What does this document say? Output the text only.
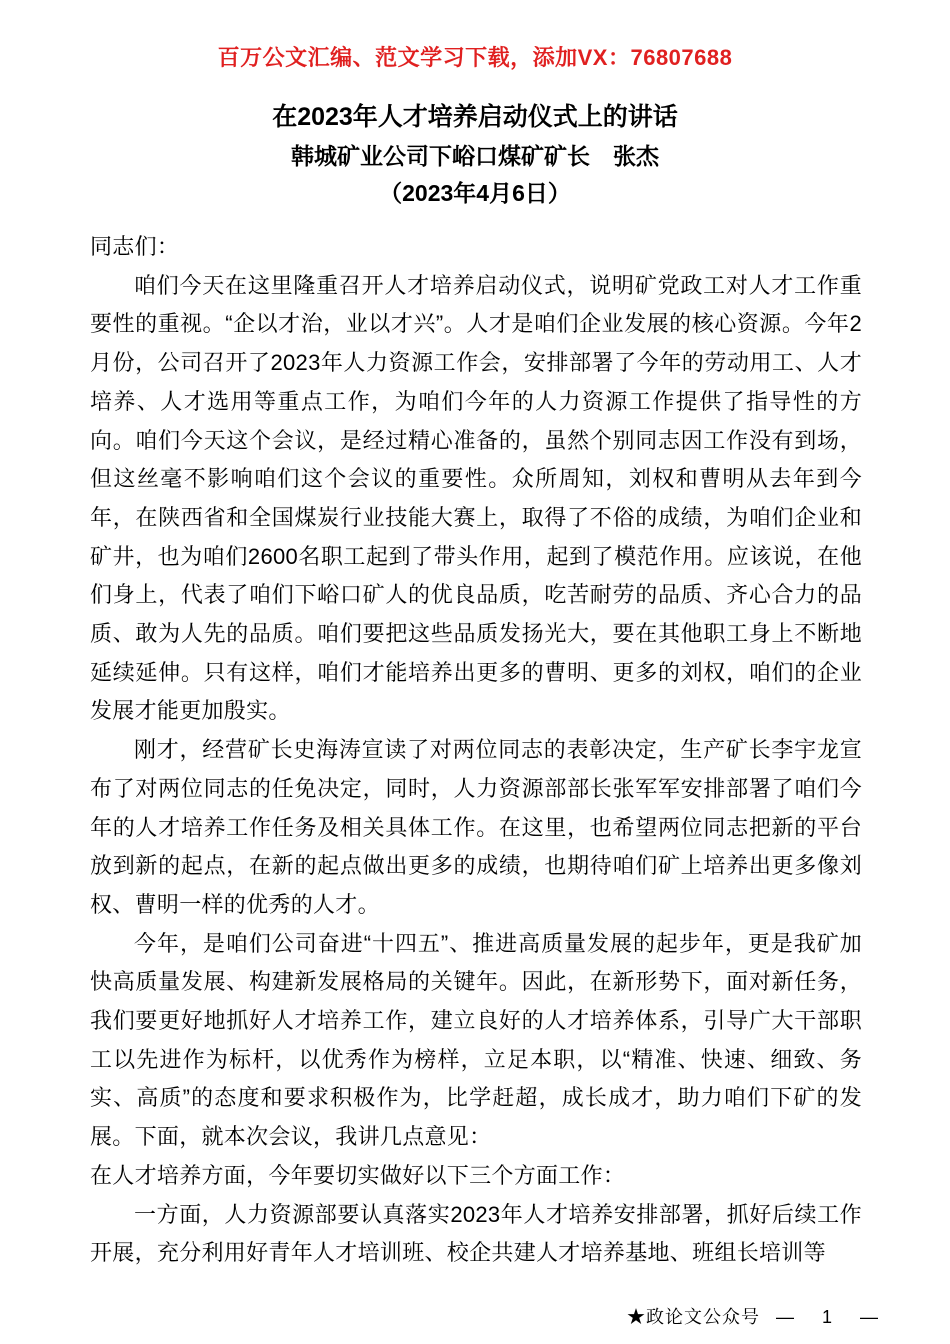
百万公文汇编、范文学习下载，添加VX：76807688
在2023年人才培养启动仪式上的讲话
韩城矿业公司下峪口煤矿矿长　张杰
（2023年4月6日）

同志们：

咱们今天在这里隆重召开人才培养启动仪式，说明矿党政工对人才工作重要性的重视。“企以才治，业以才兴”。人才是咱们企业发展的核心资源。今年2月份，公司召开了2023年人力资源工作会，安排部署了今年的劳动用工、人才培养、人才选用等重点工作，为咱们今年的人力资源工作提供了指导性的方向。咱们今天这个会议，是经过精心准备的，虽然个别同志因工作没有到场，但这丝毫不影响咱们这个会议的重要性。众所周知，刘权和曹明从去年到今年，在陕西省和全国煤炭行业技能大赛上，取得了不俗的成绩，为咱们企业和矿井，也为咱们2600名职工起到了带头作用，起到了模范作用。应该说，在他们身上，代表了咱们下峪口矿人的优良品质，吃苦耐劳的品质、齐心合力的品质、敢为人先的品质。咱们要把这些品质发扬光大，要在其他职工身上不断地延续延伸。只有这样，咱们才能培养出更多的曹明、更多的刘权，咱们的企业发展才能更加殷实。

刚才，经营矿长史海涛宣读了对两位同志的表彰决定，生产矿长李宇龙宣布了对两位同志的任免决定，同时，人力资源部部长张军军安排部署了咱们今年的人才培养工作任务及相关具体工作。在这里，也希望两位同志把新的平台放到新的起点，在新的起点做出更多的成绩，也期待咱们矿上培养出更多像刘权、曹明一样的优秀的人才。

今年，是咱们公司奋进“十四五”、推进高质量发展的起步年，更是我矿加快高质量发展、构建新发展格局的关键年。因此，在新形势下，面对新任务，我们要更好地抓好人才培养工作，建立良好的人才培养体系，引导广大干部职工以先进作为标杆，以优秀作为榜样，立足本职，以“精准、快速、细致、务实、高质”的态度和要求积极作为，比学赶超，成长成才，助力咱们下矿的发展。下面，就本次会议，我讲几点意见：

在人才培养方面，今年要切实做好以下三个方面工作：

一方面，人力资源部要认真落实2023年人才培养安排部署，抓好后续工作开展，充分利用好青年人才培训班、校企共建人才培养基地、班组长培训等

★政论文公众号 —  1  —
